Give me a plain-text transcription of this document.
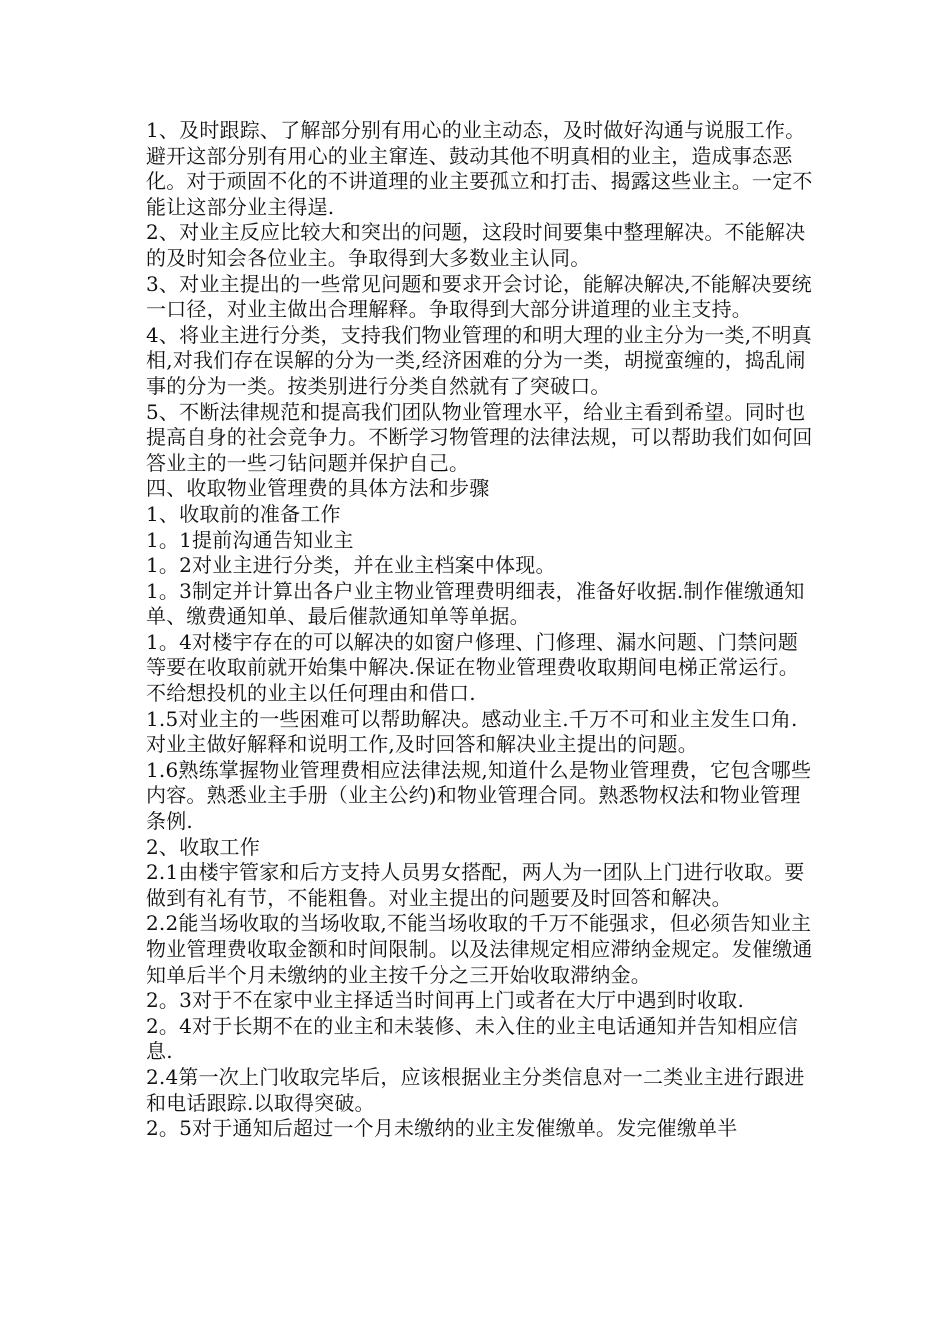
1、及时跟踪、了解部分别有用心的业主动态，及时做好沟通与说服工作。避开这部分别有用心的业主窜连、鼓动其他不明真相的业主，造成事态恶化。对于顽固不化的不讲道理的业主要孤立和打击、揭露这些业主。一定不能让这部分业主得逞.

2、对业主反应比较大和突出的问题，这段时间要集中整理解决。不能解决的及时知会各位业主。争取得到大多数业主认同。

3、对业主提出的一些常见问题和要求开会讨论，能解决解决,不能解决要统一口径，对业主做出合理解释。争取得到大部分讲道理的业主支持。

4、将业主进行分类，支持我们物业管理的和明大理的业主分为一类,不明真相,对我们存在误解的分为一类,经济困难的分为一类，胡搅蛮缠的，捣乱闹事的分为一类。按类别进行分类自然就有了突破口。

5、不断法律规范和提高我们团队物业管理水平，给业主看到希望。同时也提高自身的社会竞争力。不断学习物管理的法律法规，可以帮助我们如何回答业主的一些刁钻问题并保护自己。

四、收取物业管理费的具体方法和步骤

1、收取前的准备工作

1。1提前沟通告知业主

1。2对业主进行分类，并在业主档案中体现。

1。3制定并计算出各户业主物业管理费明细表，准备好收据.制作催缴通知单、缴费通知单、最后催款通知单等单据。

1。4对楼宇存在的可以解决的如窗户修理、门修理、漏水问题、门禁问题等要在收取前就开始集中解决.保证在物业管理费收取期间电梯正常运行。不给想投机的业主以任何理由和借口.

1.5对业主的一些困难可以帮助解决。感动业主.千万不可和业主发生口角.对业主做好解释和说明工作,及时回答和解决业主提出的问题。

1.6熟练掌握物业管理费相应法律法规,知道什么是物业管理费，它包含哪些内容。熟悉业主手册（业主公约)和物业管理合同。熟悉物权法和物业管理条例.

2、收取工作

2.1由楼宇管家和后方支持人员男女搭配，两人为一团队上门进行收取。要做到有礼有节，不能粗鲁。对业主提出的问题要及时回答和解决。

2.2能当场收取的当场收取,不能当场收取的千万不能强求，但必须告知业主物业管理费收取金额和时间限制。以及法律规定相应滞纳金规定。发催缴通知单后半个月未缴纳的业主按千分之三开始收取滞纳金。

2。3对于不在家中业主择适当时间再上门或者在大厅中遇到时收取.

2。4对于长期不在的业主和未装修、未入住的业主电话通知并告知相应信息.

2.4第一次上门收取完毕后，应该根据业主分类信息对一二类业主进行跟进和电话跟踪.以取得突破。

2。5对于通知后超过一个月未缴纳的业主发催缴单。发完催缴单半
